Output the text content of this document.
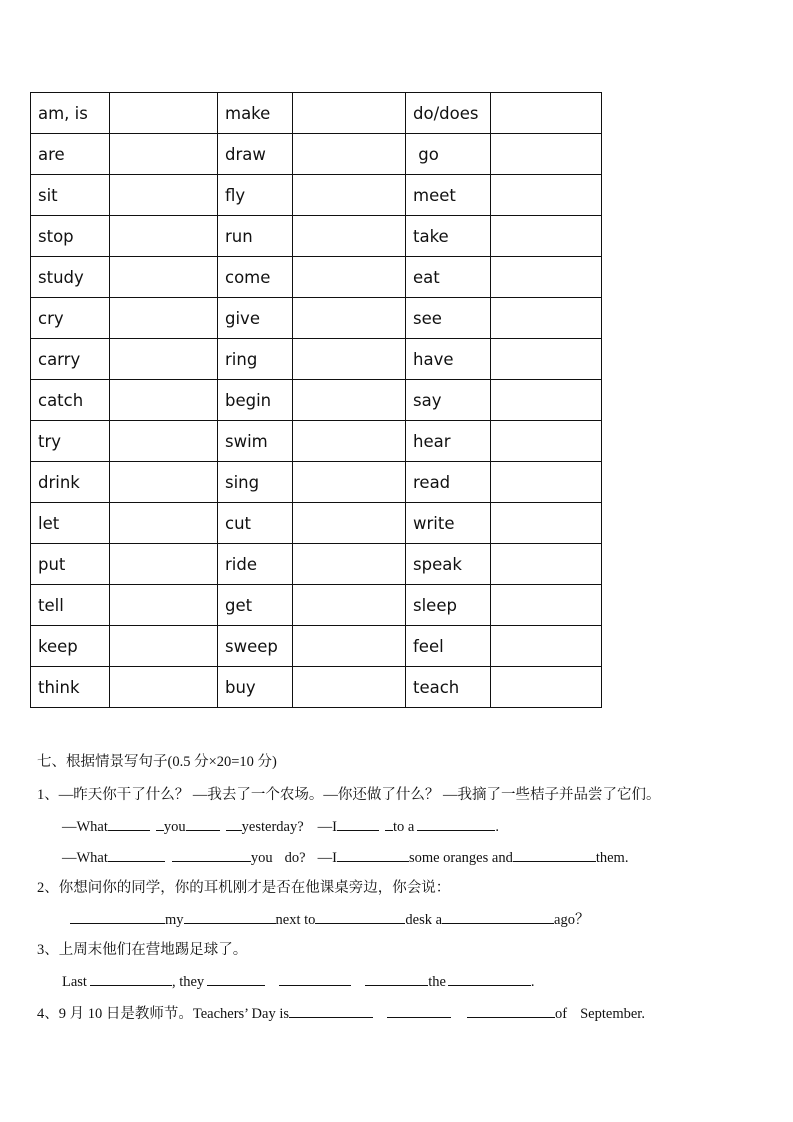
am, is		make		do/does	
are		draw		go	
sit		fly		meet	
stop		run		take	
study		come		eat	
cry		give		see	
carry		ring		have	
catch		begin		say	
try		swim		hear	
drink		sing		read	
let		cut		write	
put		ride		speak	
tell		get		sleep	
keep		sweep		feel	
think		buy		teach	
七、根据情景写句子(0.5 分×20=10 分)
1、—昨天你干了什么？ —我去了一个农场。—你还做了什么？ —我摘了一些桔子并品尝了它们。
—What	you	yesterday? —I	to a	.
—What	you do? —I	some oranges and	them.
2、你想问你的同学，你的耳机刚才是否在他课桌旁边，你会说：
my	next to	desk a	ago？
3、上周末他们在营地踢足球了。
Last	, they	the	.
4、9 月 10 日是教师节。Teachers’ Day is	of September.
